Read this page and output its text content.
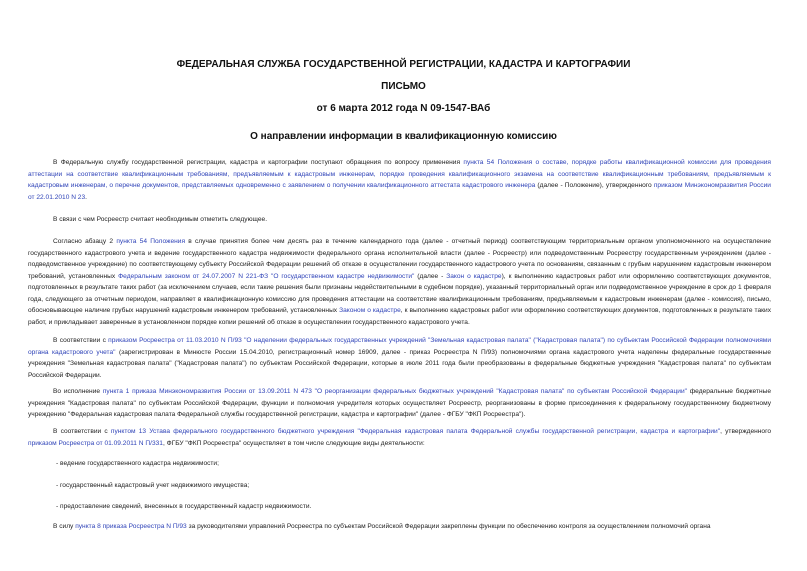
ФЕДЕРАЛЬНАЯ СЛУЖБА ГОСУДАРСТВЕННОЙ РЕГИСТРАЦИИ, КАДАСТРА И КАРТОГРАФИИ
ПИСЬМО
от 6 марта 2012 года N 09-1547-ВАб
О направлении информации в квалификационную комиссию

В Федеральную службу государственной регистрации, кадастра и картографии поступают обращения по вопросу применения пункта 54 Положения о составе, порядке работы квалификационной комиссии для проведения аттестации на соответствие квалификационным требованиям, предъявляемым к кадастровым инженерам, порядке проведения квалификационного экзамена на соответствие квалификационным требованиям, предъявляемым к кадастровым инженерам, о перечне документов, представляемых одновременно с заявлением о получении квалификационного аттестата кадастрового инженера (далее - Положение), утвержденного приказом Минэкономразвития России от 22.01.2010 N 23.

В связи с чем Росреестр считает необходимым отметить следующее.

Согласно абзацу 2 пункта 54 Положения в случае принятия более чем десять раз в течение календарного года (далее - отчетный период) соответствующим территориальным органом уполномоченного на осуществление государственного кадастрового учета и ведение государственного кадастра недвижимости федерального органа исполнительной власти (далее - Росреестр) или подведомственным Росреестру государственным учреждением (далее - подведомственное учреждение) по соответствующему субъекту Российской Федерации решений об отказе в осуществлении государственного кадастрового учета по основаниям, связанным с грубым нарушением кадастровым инженером требований, установленных Федеральным законом от 24.07.2007 N 221-ФЗ "О государственном кадастре недвижимости" (далее - Закон о кадастре), к выполнению кадастровых работ или оформлению соответствующих документов, подготовленных в результате таких работ (за исключением случаев, если такие решения были признаны недействительными в судебном порядке), указанный территориальный орган или подведомственное учреждение в срок до 1 февраля года, следующего за отчетным периодом, направляет в квалификационную комиссию для проведения аттестации на соответствие квалификационным требованиям, предъявляемым к кадастровым инженерам (далее - комиссия), письмо, обосновывающее наличие грубых нарушений кадастровым инженером требований, установленных Законом о кадастре, к выполнению кадастровых работ или оформлению соответствующих документов, подготовленных в результате таких работ, и прикладывает заверенные в установленном порядке копии решений об отказе в осуществлении государственного кадастрового учета.

В соответствии с приказом Росреестра от 11.03.2010 N П/93 "О наделении федеральных государственных учреждений "Земельная кадастровая палата" ("Кадастровая палата") по субъектам Российской Федерации полномочиями органа кадастрового учета" (зарегистрирован в Минюсте России 15.04.2010, регистрационный номер 16909, далее - приказ Росреестра N П/93) полномочиями органа кадастрового учета наделены федеральные государственные учреждения "Земельная кадастровая палата" ("Кадастровая палата") по субъектам Российской Федерации, которые в июле 2011 года были преобразованы в федеральные бюджетные учреждения "Кадастровая палата" по субъектам Российской Федерации.

Во исполнение пункта 1 приказа Минэкономразвития России от 13.09.2011 N 473 "О реорганизации федеральных бюджетных учреждений "Кадастровая палата" по субъектам Российской Федерации" федеральные бюджетные учреждения "Кадастровая палата" по субъектам Российской Федерации, функции и полномочия учредителя которых осуществляет Росреестр, реорганизованы в форме присоединения к федеральному государственному бюджетному учреждению "Федеральная кадастровая палата Федеральной службы государственной регистрации, кадастра и картографии" (далее - ФГБУ "ФКП Росреестра").

В соответствии с пунктом 13 Устава федерального государственного бюджетного учреждения "Федеральная кадастровая палата Федеральной службы государственной регистрации, кадастра и картографии", утвержденного приказом Росреестра от 01.09.2011 N П/331, ФГБУ "ФКП Росреестра" осуществляет в том числе следующие виды деятельности:

- ведение государственного кадастра недвижимости;
- государственный кадастровый учет недвижимого имущества;
- предоставление сведений, внесенных в государственный кадастр недвижимости.

В силу пункта 8 приказа Росреестра N П/93 за руководителями управлений Росреестра по субъектам Российской Федерации закреплены функции по обеспечению контроля за осуществлением полномочий органа
